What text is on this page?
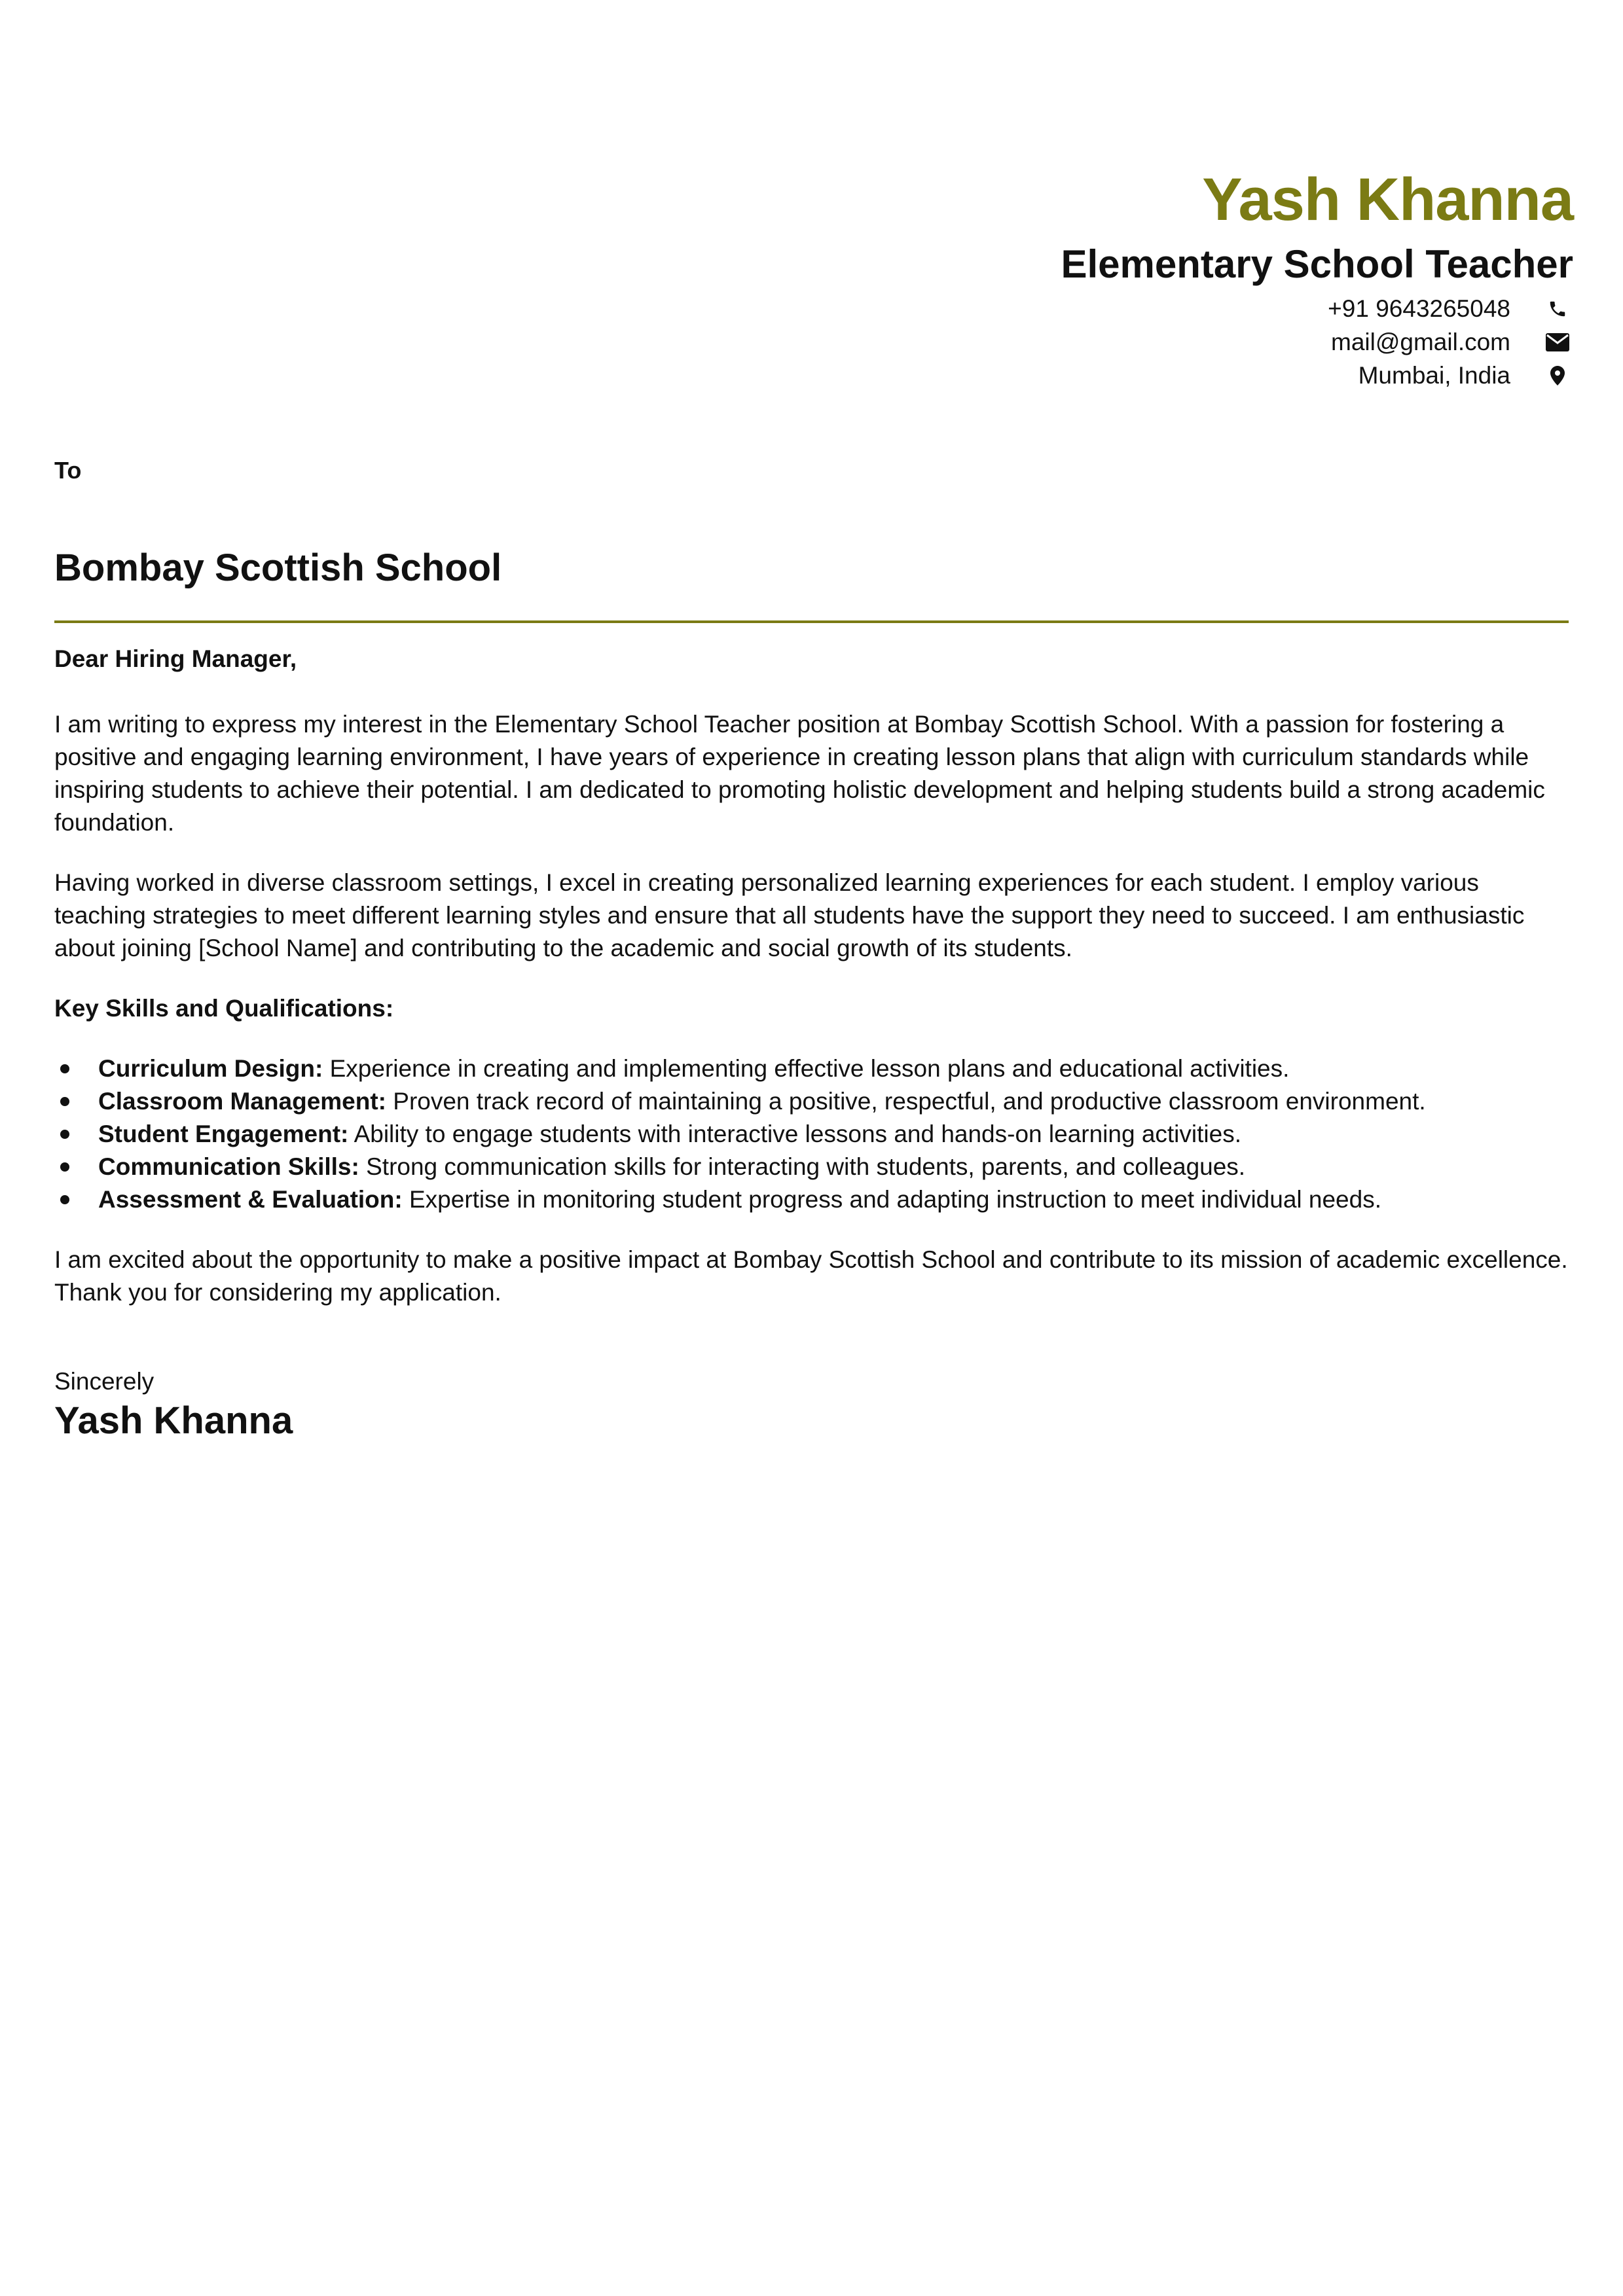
Yash Khanna
Elementary School Teacher
+91 9643265048
mail@gmail.com
Mumbai, India
To
Bombay Scottish School
Dear Hiring Manager,

I am writing to express my interest in the Elementary School Teacher position at Bombay Scottish School. With a passion for fostering a positive and engaging learning environment, I have years of experience in creating lesson plans that align with curriculum standards while inspiring students to achieve their potential. I am dedicated to promoting holistic development and helping students build a strong academic foundation.

Having worked in diverse classroom settings, I excel in creating personalized learning experiences for each student. I employ various teaching strategies to meet different learning styles and ensure that all students have the support they need to succeed. I am enthusiastic about joining [School Name] and contributing to the academic and social growth of its students.

Key Skills and Qualifications:
Curriculum Design: Experience in creating and implementing effective lesson plans and educational activities.
Classroom Management: Proven track record of maintaining a positive, respectful, and productive classroom environment.
Student Engagement: Ability to engage students with interactive lessons and hands-on learning activities.
Communication Skills: Strong communication skills for interacting with students, parents, and colleagues.
Assessment & Evaluation: Expertise in monitoring student progress and adapting instruction to meet individual needs.

I am excited about the opportunity to make a positive impact at Bombay Scottish School and contribute to its mission of academic excellence. Thank you for considering my application.

Sincerely

Yash Khanna
